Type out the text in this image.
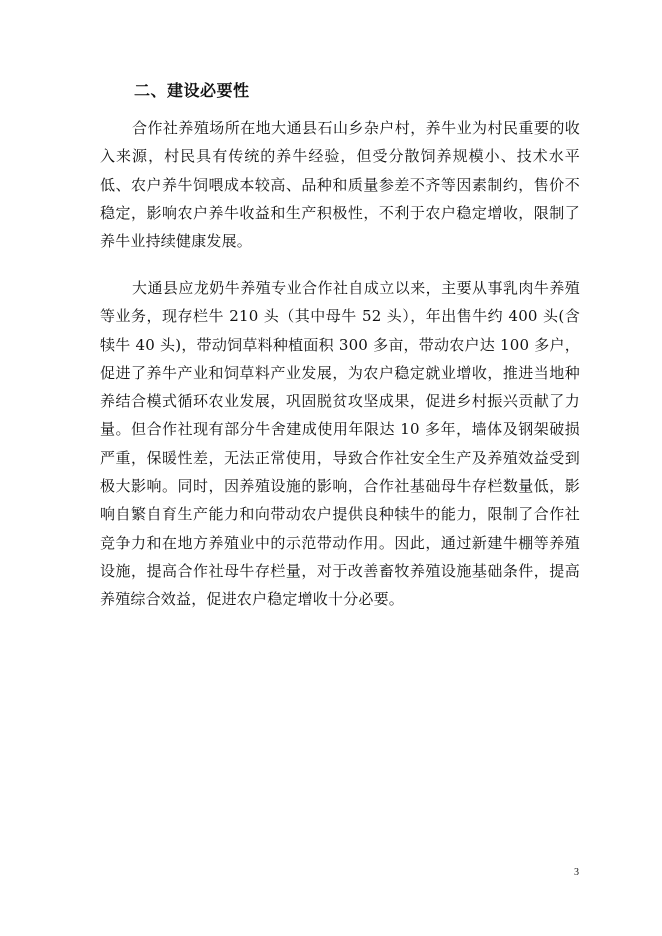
二、建设必要性

合作社养殖场所在地大通县石山乡杂户村，养牛业为村民重要的收入来源，村民具有传统的养牛经验，但受分散饲养规模小、技术水平低、农户养牛饲喂成本较高、品种和质量参差不齐等因素制约，售价不稳定，影响农户养牛收益和生产积极性，不利于农户稳定增收，限制了养牛业持续健康发展。

大通县应龙奶牛养殖专业合作社自成立以来，主要从事乳肉牛养殖等业务，现存栏牛 210 头（其中母牛 52 头），年出售牛约 400 头(含犊牛 40 头)，带动饲草料种植面积 300 多亩，带动农户达 100 多户，促进了养牛产业和饲草料产业发展，为农户稳定就业增收，推进当地种养结合模式循环农业发展，巩固脱贫攻坚成果，促进乡村振兴贡献了力量。但合作社现有部分牛舍建成使用年限达 10 多年，墙体及钢架破损严重，保暖性差，无法正常使用，导致合作社安全生产及养殖效益受到极大影响。同时，因养殖设施的影响，合作社基础母牛存栏数量低，影响自繁自育生产能力和向带动农户提供良种犊牛的能力，限制了合作社竞争力和在地方养殖业中的示范带动作用。因此，通过新建牛棚等养殖设施，提高合作社母牛存栏量，对于改善畜牧养殖设施基础条件，提高养殖综合效益，促进农户稳定增收十分必要。

3
